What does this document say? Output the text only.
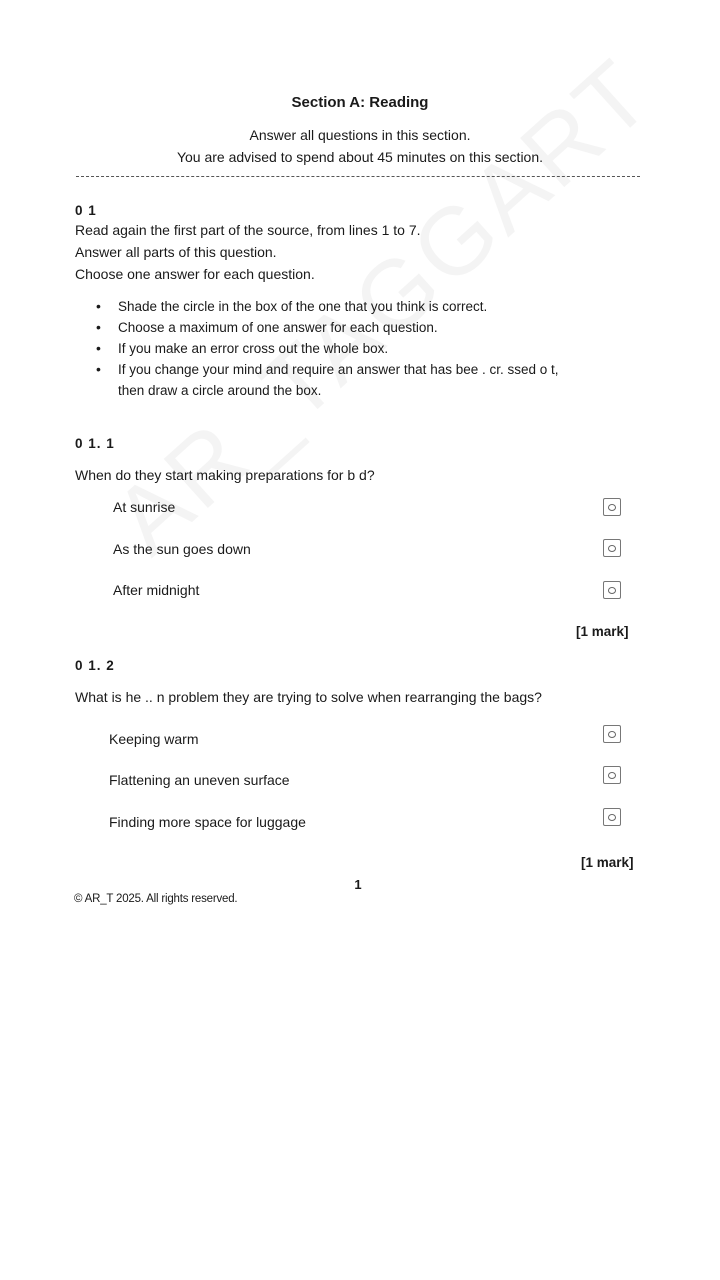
Section A: Reading
Answer all questions in this section.
You are advised to spend about 45 minutes on this section.
0 1
Read again the first part of the source, from lines 1 to 7.
Answer all parts of this question.
Choose one answer for each question.
• Shade the circle in the box of the one that you think is correct.
• Choose a maximum of one answer for each question.
• If you make an error cross out the whole box.
• If you change your mind and require an answer that has bee . cr. ssed o t,
then draw a circle around the box.
0 1. 1
When do they start making preparations for b d?
At sunrise
As the sun goes down
After midnight
[1 mark]
0 1. 2
What is he .. n problem they are trying to solve when rearranging the bags?
Keeping warm
Flattening an uneven surface
Finding more space for luggage
[1 mark]
1
© AR_T 2025. All rights reserved.
